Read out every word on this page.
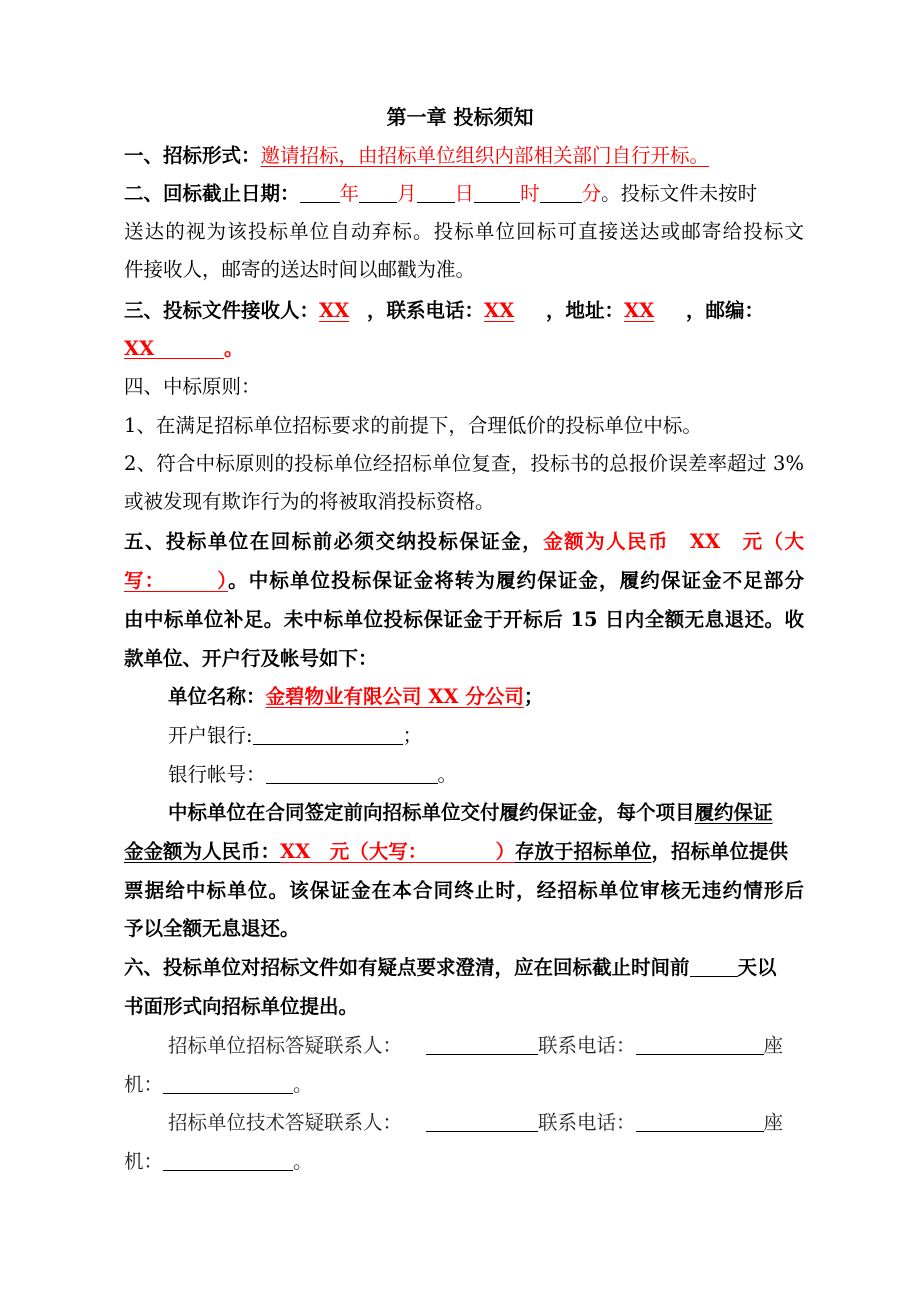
第一章 投标须知
一、招标形式：邀请招标，由招标单位组织内部相关部门自行开标。
二、回标截止日期： 年 月 日 时 分。投标文件未按时
送达的视为该投标单位自动弃标。投标单位回标可直接送达或邮寄给投标文
件接收人，邮寄的送达时间以邮戳为准。
三、投标文件接收人：XX ，联系电话：XX ，地址：XX ，邮编：
XX	。
四、中标原则：
1、在满足招标单位招标要求的前提下，合理低价的投标单位中标。
2、符合中标原则的投标单位经招标单位复查，投标书的总报价误差率超过 3%
或被发现有欺诈行为的将被取消投标资格。
五、投标单位在回标前必须交纳投标保证金，金额为人民币　XX　元（大
写：　　　）。中标单位投标保证金将转为履约保证金，履约保证金不足部分
由中标单位补足。未中标单位投标保证金于开标后 15 日内全额无息退还。收
款单位、开户行及帐号如下：
单位名称：金碧物业有限公司 XX 分公司；
开户银行:	；
银行帐号：	。
中标单位在合同签定前向招标单位交付履约保证金，每个项目履约保证
金金额为人民币：XX　元（大写：　　　　）存放于招标单位，招标单位提供
票据给中标单位。该保证金在本合同终止时，经招标单位审核无违约情形后
予以全额无息退还。
六、投标单位对招标文件如有疑点要求澄清，应在回标截止时间前 天以
书面形式向招标单位提出。
招标单位招标答疑联系人：	联系电话：	座
机：	。
招标单位技术答疑联系人：	联系电话：	座
机：	。
